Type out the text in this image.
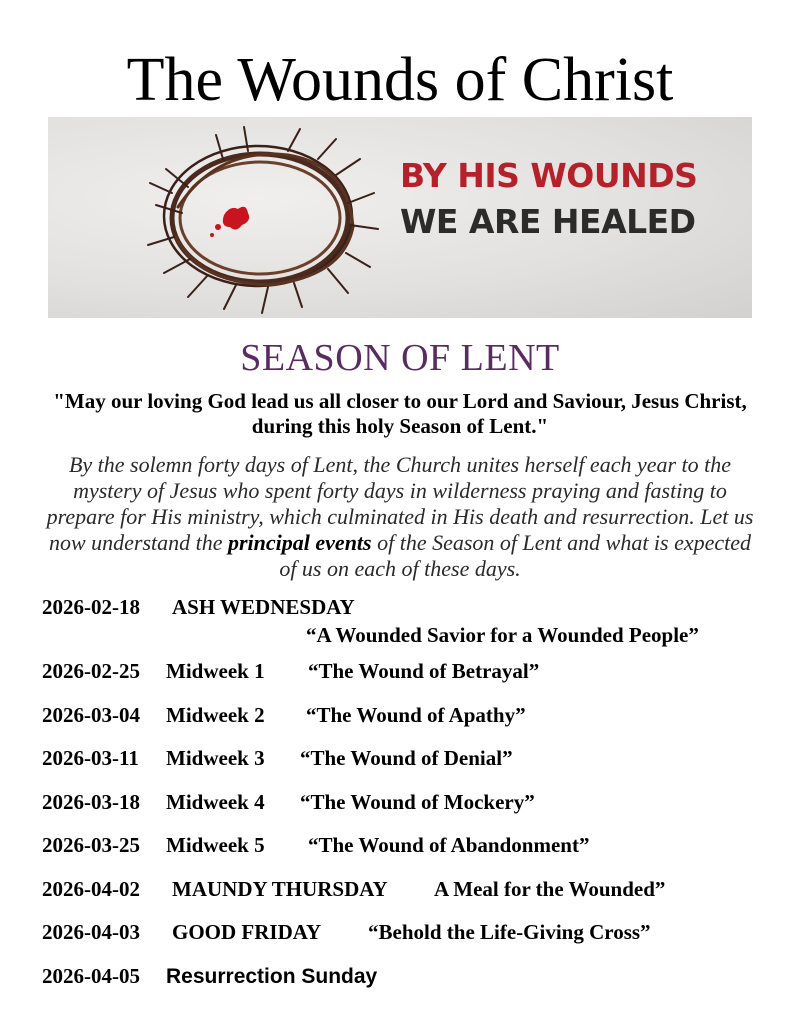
The Wounds of Christ
BY HIS WOUNDS
WE ARE HEALED
SEASON OF LENT
"May our loving God lead us all closer to our Lord and Saviour, Jesus Christ, during this holy Season of Lent."
By the solemn forty days of Lent, the Church unites herself each year to the mystery of Jesus who spent forty days in wilderness praying and fasting to prepare for His ministry, which culminated in His death and resurrection. Let us now understand the principal events of the Season of Lent and what is expected of us on each of these days.
2026-02-18 ASH WEDNESDAY
“A Wounded Savior for a Wounded People”
2026-02-25 Midweek 1 “The Wound of Betrayal”
2026-03-04 Midweek 2 “The Wound of Apathy”
2026-03-11 Midweek 3 “The Wound of Denial”
2026-03-18 Midweek 4 “The Wound of Mockery”
2026-03-25 Midweek 5 “The Wound of Abandonment”
2026-04-02 MAUNDY THURSDAY A Meal for the Wounded”
2026-04-03 GOOD FRIDAY “Behold the Life-Giving Cross”
2026-04-05 Resurrection Sunday
